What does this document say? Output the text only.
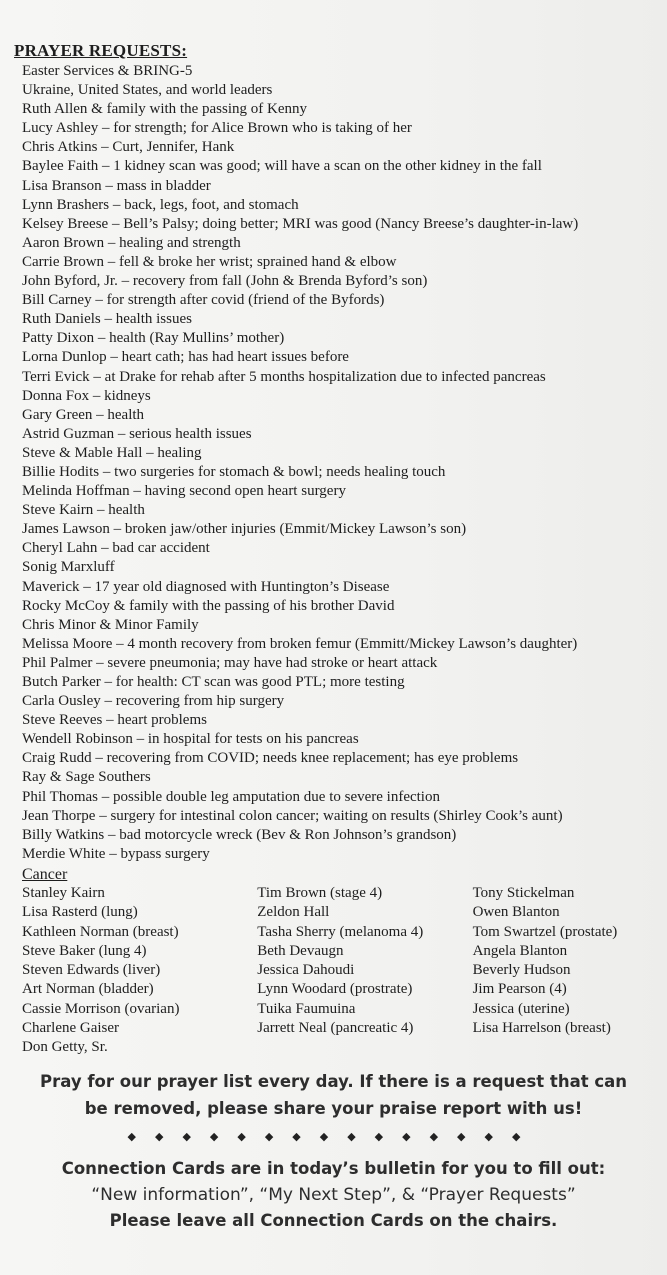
PRAYER REQUESTS:
Easter Services & BRING-5
Ukraine, United States, and world leaders
Ruth Allen & family with the passing of Kenny
Lucy Ashley – for strength; for Alice Brown who is taking of her
Chris Atkins – Curt, Jennifer, Hank
Baylee Faith – 1 kidney scan was good; will have a scan on the other kidney in the fall
Lisa Branson – mass in bladder
Lynn Brashers – back, legs, foot, and stomach
Kelsey Breese – Bell’s Palsy; doing better; MRI was good (Nancy Breese’s daughter-in-law)
Aaron Brown – healing and strength
Carrie Brown – fell & broke her wrist; sprained hand & elbow
John Byford, Jr. – recovery from fall (John & Brenda Byford’s son)
Bill Carney – for strength after covid (friend of the Byfords)
Ruth Daniels – health issues
Patty Dixon – health (Ray Mullins’ mother)
Lorna Dunlop – heart cath; has had heart issues before
Terri Evick – at Drake for rehab after 5 months hospitalization due to infected pancreas
Donna Fox – kidneys
Gary Green – health
Astrid Guzman – serious health issues
Steve & Mable Hall – healing
Billie Hodits – two surgeries for stomach & bowl; needs healing touch
Melinda Hoffman – having second open heart surgery
Steve Kairn – health
James Lawson – broken jaw/other injuries (Emmit/Mickey Lawson’s son)
Cheryl Lahn – bad car accident
Sonig Marxluff
Maverick – 17 year old diagnosed with Huntington’s Disease
Rocky McCoy & family with the passing of his brother David
Chris Minor & Minor Family
Melissa Moore – 4 month recovery from broken femur (Emmitt/Mickey Lawson’s daughter)
Phil Palmer – severe pneumonia; may have had stroke or heart attack
Butch Parker – for health: CT scan was good PTL; more testing
Carla Ousley – recovering from hip surgery
Steve Reeves – heart problems
Wendell Robinson – in hospital for tests on his pancreas
Craig Rudd – recovering from COVID; needs knee replacement; has eye problems
Ray & Sage Southers
Phil Thomas – possible double leg amputation due to severe infection
Jean Thorpe – surgery for intestinal colon cancer; waiting on results (Shirley Cook’s aunt)
Billy Watkins – bad motorcycle wreck (Bev & Ron Johnson’s grandson)
Merdie White – bypass surgery
Cancer
Stanley Kairn
Lisa Rasterd (lung)
Kathleen Norman (breast)
Steve Baker (lung 4)
Steven Edwards (liver)
Art Norman (bladder)
Cassie Morrison (ovarian)
Charlene Gaiser
Don Getty, Sr.
Tim Brown (stage 4)
Zeldon Hall
Tasha Sherry (melanoma 4)
Beth Devaugn
Jessica Dahoudi
Lynn Woodard (prostrate)
Tuika Faumuina
Jarrett Neal (pancreatic 4)
Tony Stickelman
Owen Blanton
Tom Swartzel (prostate)
Angela Blanton
Beverly Hudson
Jim Pearson (4)
Jessica (uterine)
Lisa Harrelson (breast)
Pray for our prayer list every day. If there is a request that can
be removed, please share your praise report with us!
◆◆◆◆◆◆◆◆◆◆◆◆◆◆◆
Connection Cards are in today’s bulletin for you to fill out:
“New information”, “My Next Step”, & “Prayer Requests”
Please leave all Connection Cards on the chairs.
